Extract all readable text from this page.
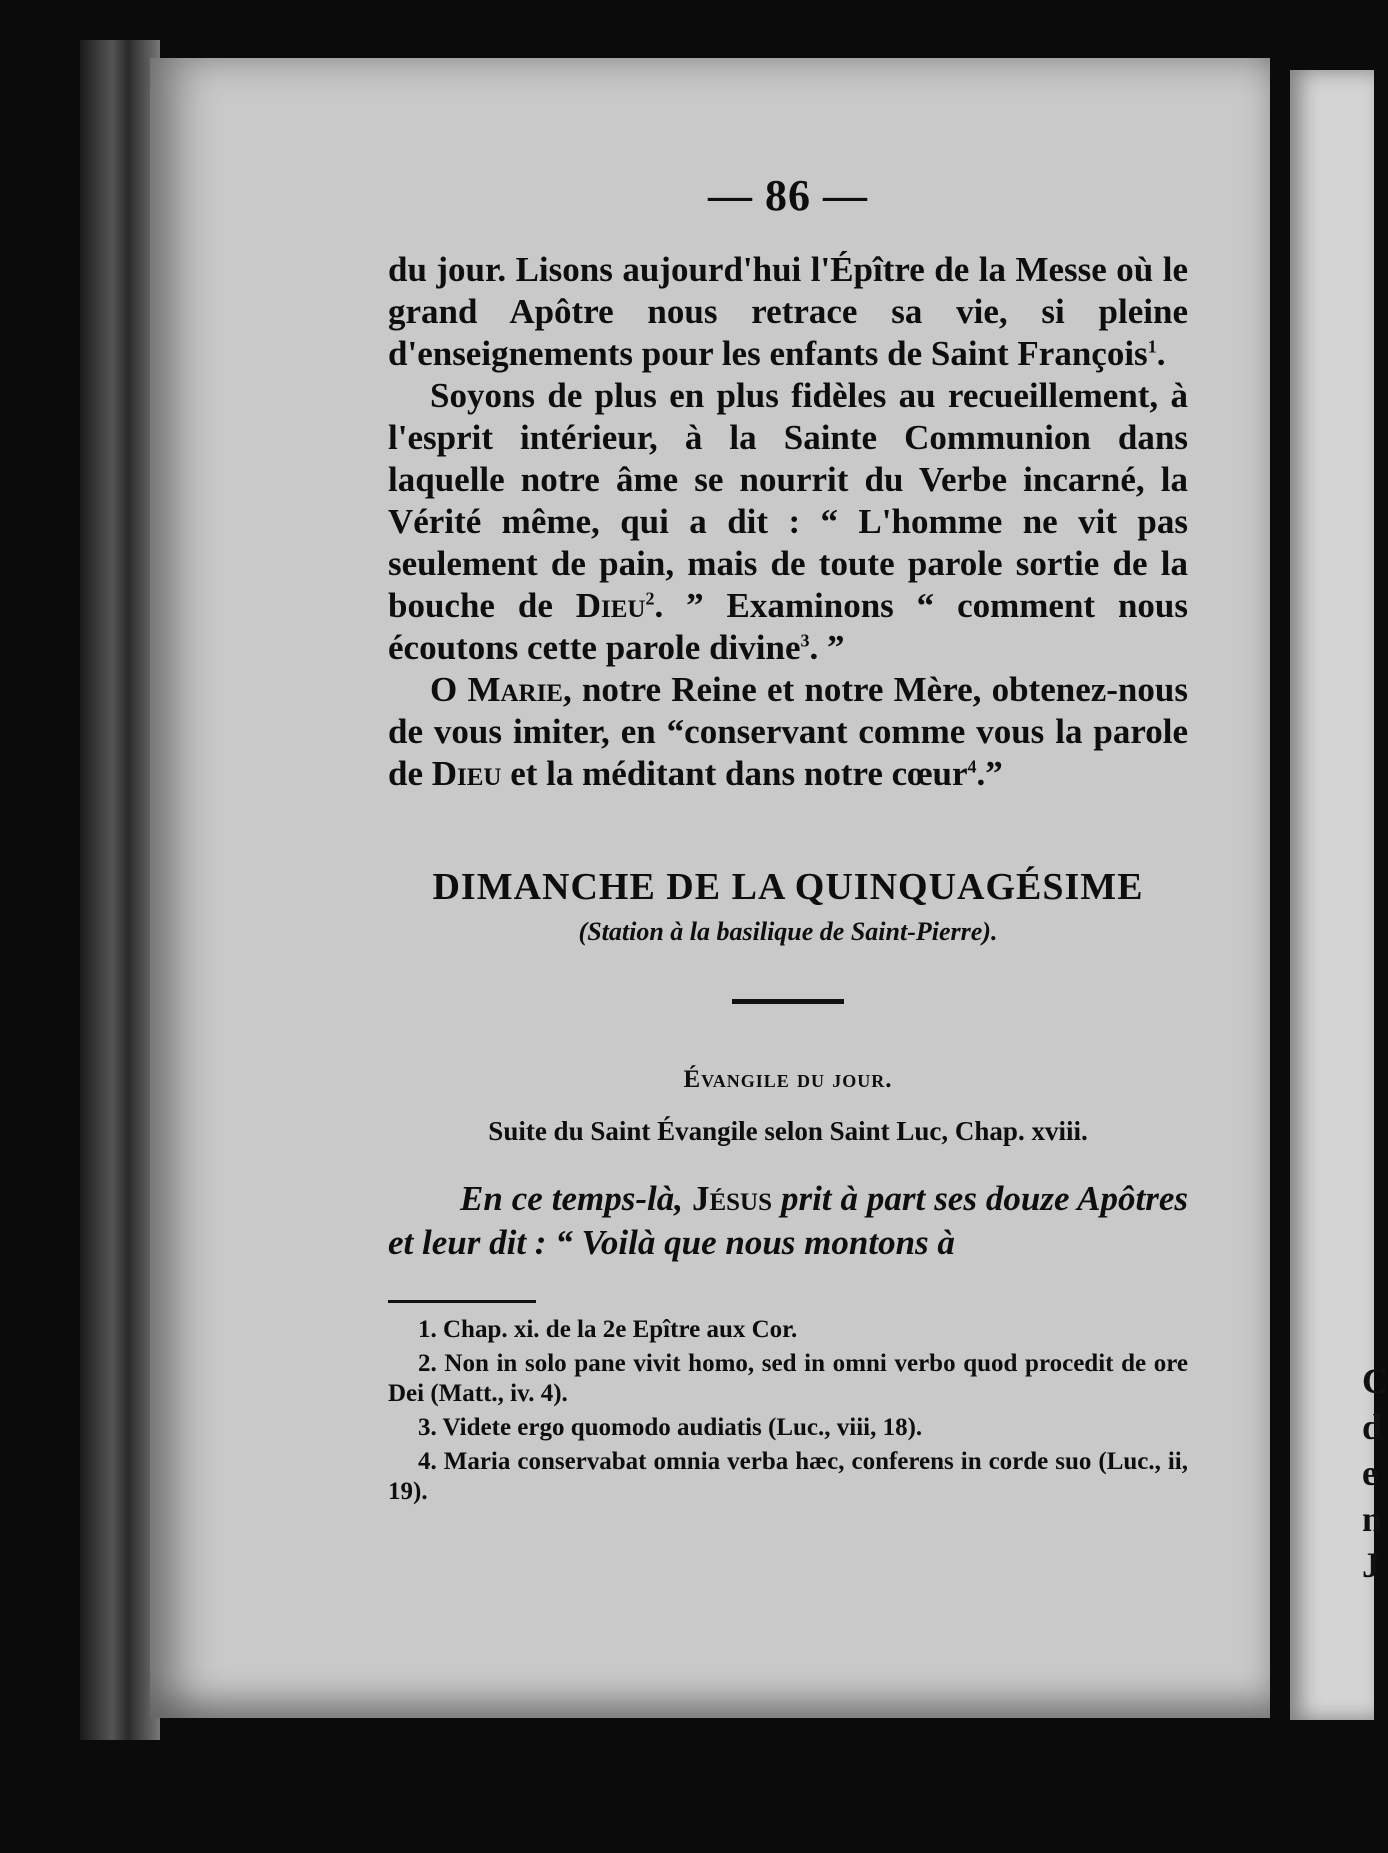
C
d
e
n
J
— 86 —

du jour. Lisons aujourd'hui l'Épître de la Messe où le grand Apôtre nous retrace sa vie, si pleine d'enseignements pour les enfants de Saint François$^1$.

Soyons de plus en plus fidèles au recueillement, à l'esprit intérieur, à la Sainte Communion dans laquelle notre âme se nourrit du Verbe incarné, la Vérité même, qui a dit : “ L'homme ne vit pas seulement de pain, mais de toute parole sortie de la bouche de Dieu$^2$. ” Examinons “ comment nous écoutons cette parole divine$^3$. ”

O Marie, notre Reine et notre Mère, obtenez-nous de vous imiter, en “conservant comme vous la parole de Dieu et la méditant dans notre cœur$^4$.”

DIMANCHE DE LA QUINQUAGÉSIME
(Station à la basilique de Saint-Pierre).
Évangile du jour.
Suite du Saint Évangile selon Saint Luc, Chap. xviii.

En ce temps-là, Jésus prit à part ses douze Apôtres et leur dit : “ Voilà que nous montons à

1. Chap. xi. de la 2e Epître aux Cor.

2. Non in solo pane vivit homo, sed in omni verbo quod procedit de ore Dei (Matt., iv. 4).

3. Videte ergo quomodo audiatis (Luc., viii, 18).

4. Maria conservabat omnia verba hæc, conferens in corde suo (Luc., ii, 19).
